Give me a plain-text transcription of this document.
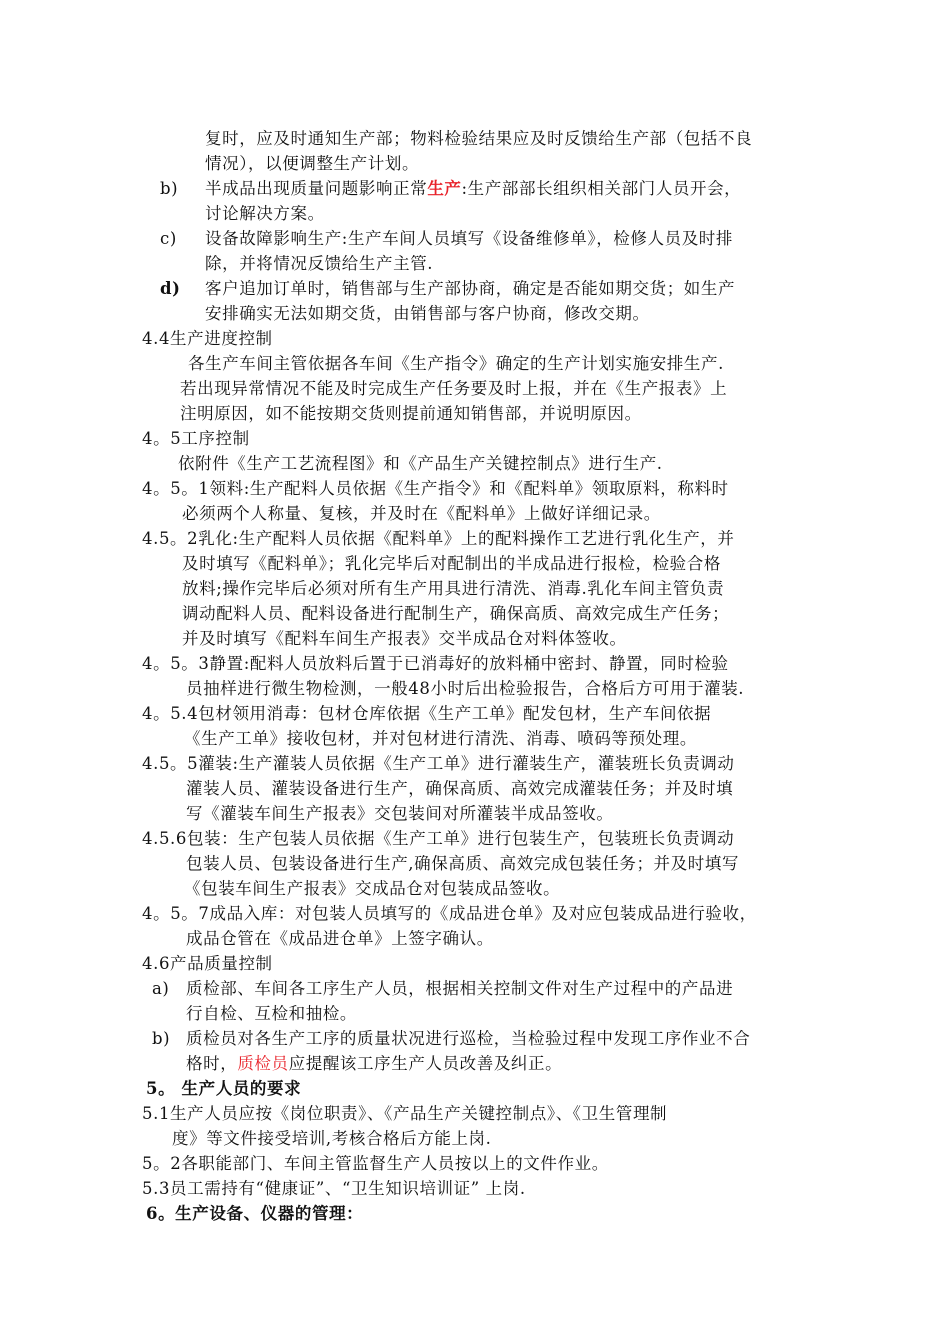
复时，应及时通知生产部；物料检验结果应及时反馈给生产部（包括不良
情况），以便调整生产计划。
b) 半成品出现质量问题影响正常生产:生产部部长组织相关部门人员开会，
讨论解决方案。
c) 设备故障影响生产:生产车间人员填写《设备维修单》，检修人员及时排
除，并将情况反馈给生产主管.
d) 客户追加订单时，销售部与生产部协商，确定是否能如期交货；如生产
安排确实无法如期交货，由销售部与客户协商，修改交期。
4.4生产进度控制
各生产车间主管依据各车间《生产指令》确定的生产计划实施安排生产.
若出现异常情况不能及时完成生产任务要及时上报，并在《生产报表》上
注明原因，如不能按期交货则提前通知销售部，并说明原因。
4。5工序控制
依附件《生产工艺流程图》和《产品生产关键控制点》进行生产.
4。5。1领料:生产配料人员依据《生产指令》和《配料单》领取原料，称料时
必须两个人称量、复核，并及时在《配料单》上做好详细记录。
4.5。2乳化:生产配料人员依据《配料单》上的配料操作工艺进行乳化生产，并
及时填写《配料单》；乳化完毕后对配制出的半成品进行报检，检验合格
放料;操作完毕后必须对所有生产用具进行清洗、消毒.乳化车间主管负责
调动配料人员、配料设备进行配制生产，确保高质、高效完成生产任务；
并及时填写《配料车间生产报表》交半成品仓对料体签收。
4。5。3静置:配料人员放料后置于已消毒好的放料桶中密封、静置，同时检验
员抽样进行微生物检测，一般48小时后出检验报告，合格后方可用于灌装.
4。5.4包材领用消毒：包材仓库依据《生产工单》配发包材，生产车间依据
《生产工单》接收包材，并对包材进行清洗、消毒、喷码等预处理。
4.5。5灌装:生产灌装人员依据《生产工单》进行灌装生产，灌装班长负责调动
灌装人员、灌装设备进行生产，确保高质、高效完成灌装任务；并及时填
写《灌装车间生产报表》交包装间对所灌装半成品签收。
4.5.6包装：生产包装人员依据《生产工单》进行包装生产，包装班长负责调动
包装人员、包装设备进行生产,确保高质、高效完成包装任务；并及时填写
《包装车间生产报表》交成品仓对包装成品签收。
4。5。7成品入库：对包装人员填写的《成品进仓单》及对应包装成品进行验收，
成品仓管在《成品进仓单》上签字确认。
4.6产品质量控制
a) 质检部、车间各工序生产人员，根据相关控制文件对生产过程中的产品进
行自检、互检和抽检。
b) 质检员对各生产工序的质量状况进行巡检，当检验过程中发现工序作业不合
格时，质检员应提醒该工序生产人员改善及纠正。
5。 生产人员的要求
5.1生产人员应按《岗位职责》、《产品生产关键控制点》、《卫生管理制
度》等文件接受培训,考核合格后方能上岗.
5。2各职能部门、车间主管监督生产人员按以上的文件作业。
5.3员工需持有“健康证”、“卫生知识培训证” 上岗.
6。生产设备、仪器的管理：
